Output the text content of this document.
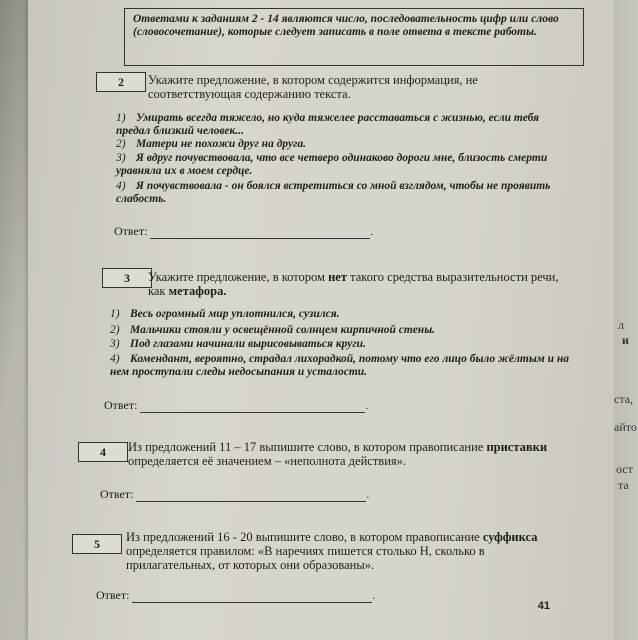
Ответами к заданиям 2 - 14 являются число, последовательность цифр или слово (словосочетание), которые следует записать в поле ответа в тексте работы.
2	Укажите предложение, в котором содержится информация, не соответствующая содержанию текста.
1) Умирать всегда тяжело, но куда тяжелее расставаться с жизнью, если тебя предал близкий человек...
2) Матери не похожи друг на друга.
3) Я вдруг почувствовала, что все четверо одинаково дороги мне, близость смерти уравняла их в моем сердце.
4) Я почувствовала - он боялся встретиться со мной взглядом, чтобы не проявить слабость.
Ответ:	.
3	Укажите предложение, в котором нет такого средства выразительности речи, как метафора.
1) Весь огромный мир уплотнился, сузился.
2) Мальчики стояли у освещённой солнцем кирпичной стены.
3) Под глазами начинали вырисовываться круги.
4) Комендант, вероятно, страдал лихорадкой, потому что его лицо было жёлтым и на нем проступали следы недосыпания и усталости.
Ответ:	.
4	Из предложений 11 – 17 выпишите слово, в котором правописание приставки определяется её значением – «неполнота действия».
Ответ:	.
5	Из предложений 16 - 20 выпишите слово, в котором правописание суффикса определяется правилом: «В наречиях пишется столько Н, сколько в прилагательных, от которых они образованы».
Ответ:	.
41
л
и
ста,
айто
ост
та
